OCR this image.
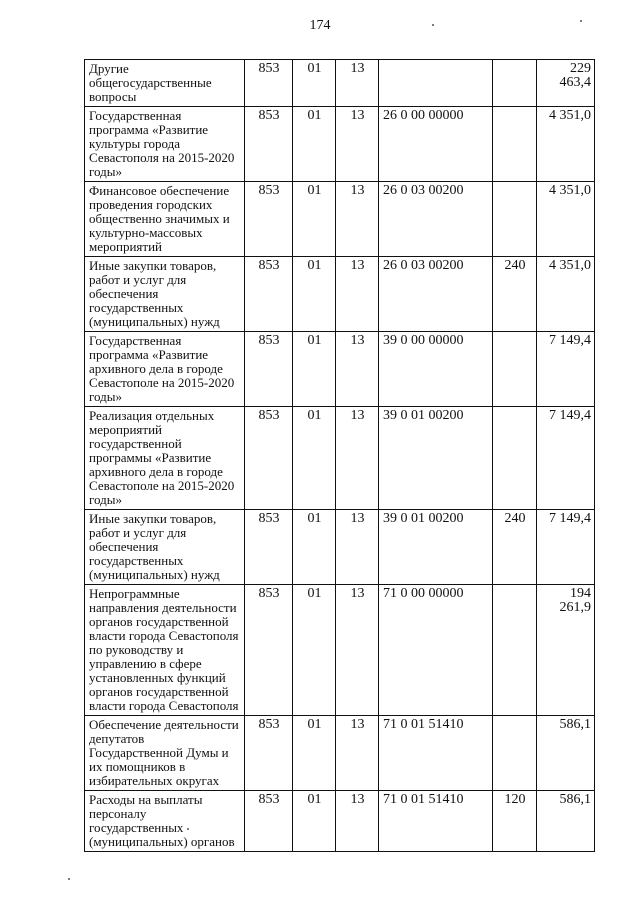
174
Другие общегосударственные вопросы	853	01	13			229 463,4
Государственная программа «Развитие культуры города Севастополя на 2015-2020 годы»	853	01	13	26 0 00 00000		4 351,0
Финансовое обеспечение проведения городских общественно значимых и культурно-массовых мероприятий	853	01	13	26 0 03 00200		4 351,0
Иные закупки товаров, работ и услуг для обеспечения государственных (муниципальных) нужд	853	01	13	26 0 03 00200	240	4 351,0
Государственная программа «Развитие архивного дела в городе Севастополе на 2015-2020 годы»	853	01	13	39 0 00 00000		7 149,4
Реализация отдельных мероприятий государственной программы «Развитие архивного дела в городе Севастополе на 2015-2020 годы»	853	01	13	39 0 01 00200		7 149,4
Иные закупки товаров, работ и услуг для обеспечения государственных (муниципальных) нужд	853	01	13	39 0 01 00200	240	7 149,4
Непрограммные направления деятельности органов государственной власти города Севастополя по руководству и управлению в сфере установленных функций органов государственной власти города Севастополя	853	01	13	71 0 00 00000		194 261,9
Обеспечение деятельности депутатов Государственной Думы и их помощников в избирательных округах	853	01	13	71 0 01 51410		586,1
Расходы на выплаты персоналу государственных (муниципальных) органов	853	01	13	71 0 01 51410	120	586,1
